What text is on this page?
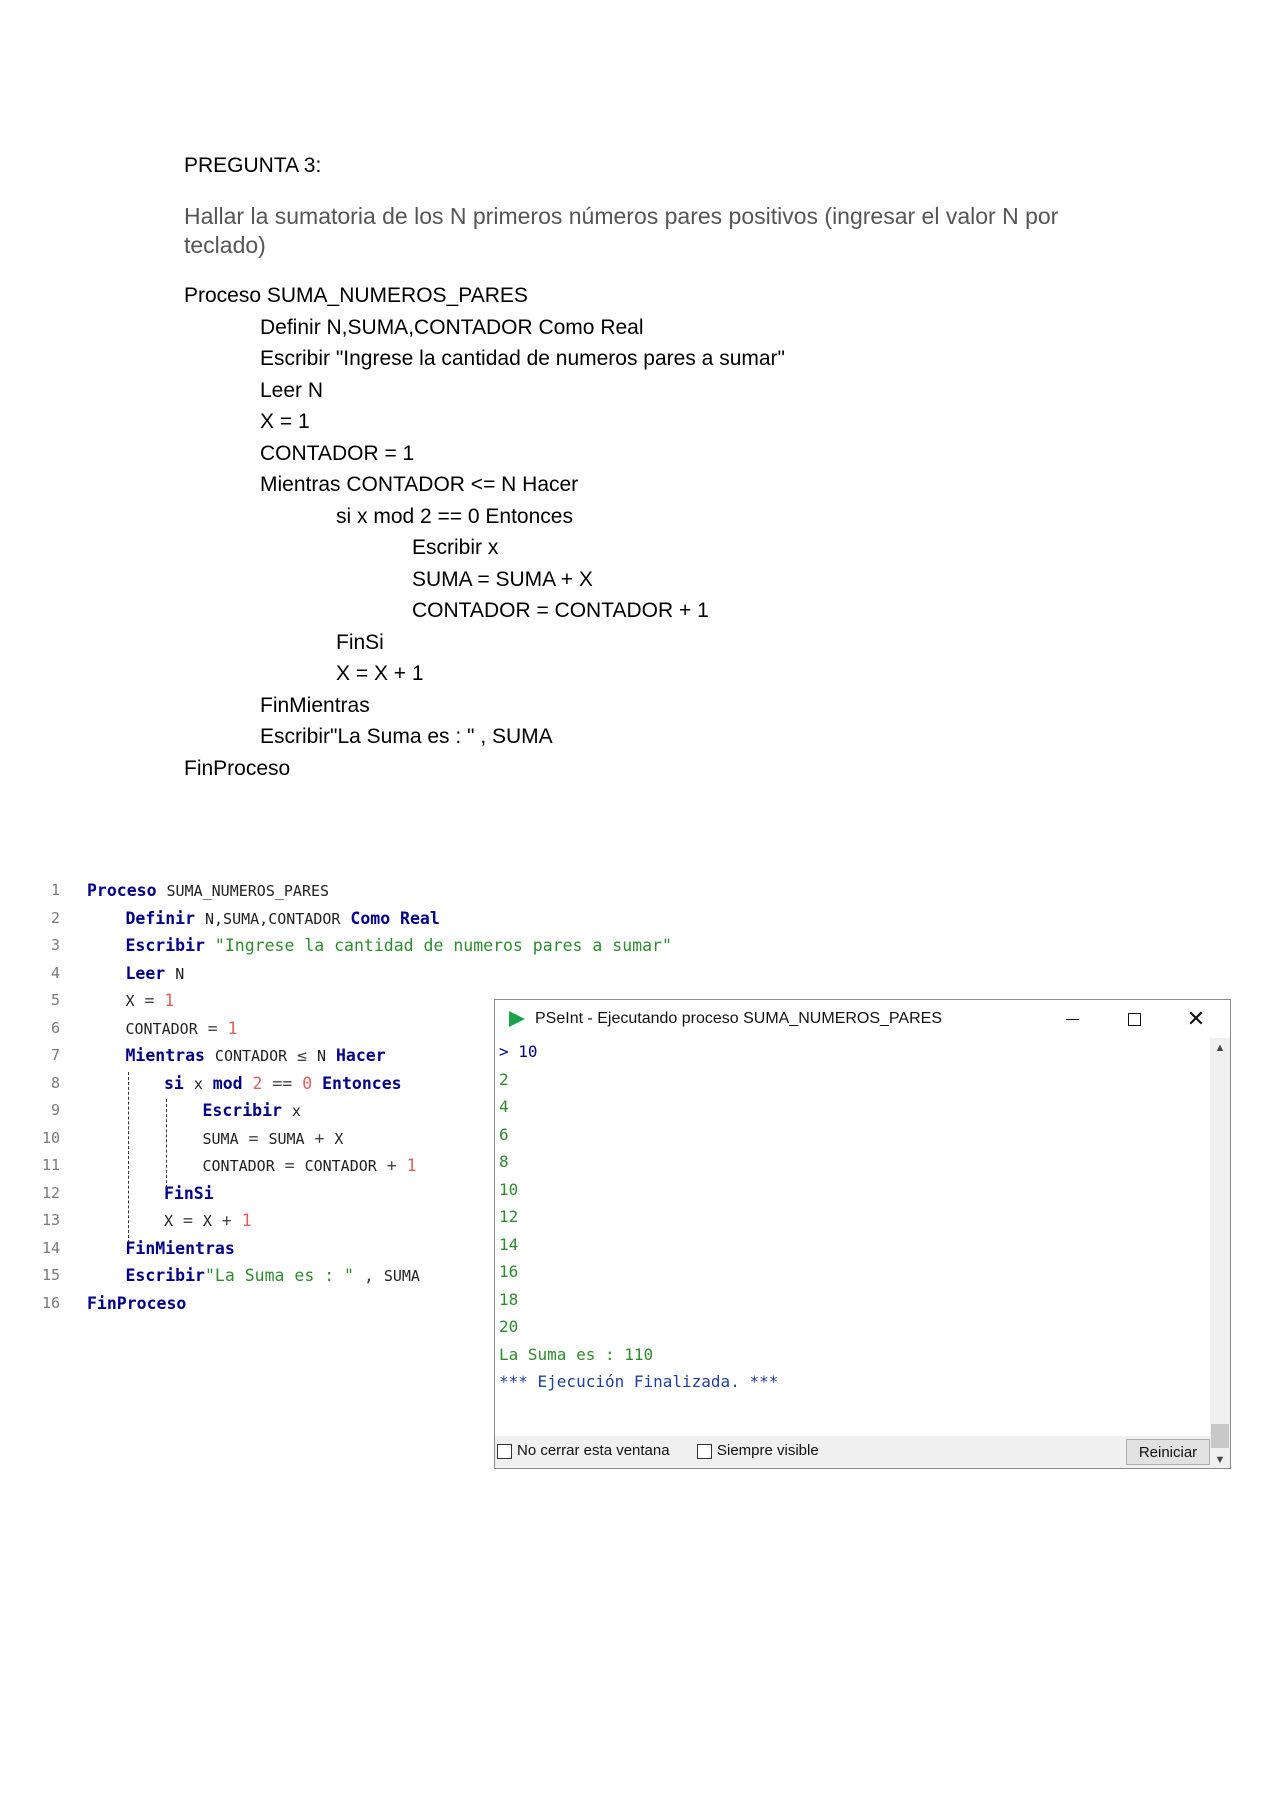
PREGUNTA 3:
Hallar la sumatoria de los N primeros números pares positivos (ingresar el valor N por teclado)
Proceso SUMA_NUMEROS_PARES
Definir N,SUMA,CONTADOR Como Real
Escribir "Ingrese la cantidad de numeros pares a sumar"
Leer N
X = 1
CONTADOR = 1
Mientras CONTADOR <= N Hacer
si x mod 2 == 0 Entonces
Escribir x
SUMA = SUMA + X
CONTADOR = CONTADOR + 1
FinSi
X = X + 1
FinMientras
Escribir"La Suma es : " , SUMA
FinProceso
1 Proceso SUMA_NUMEROS_PARES
2	Definir N,SUMA,CONTADOR Como Real
3	Escribir "Ingrese la cantidad de numeros pares a sumar"
4	Leer N
5	X = 1
6	CONTADOR = 1
7	Mientras CONTADOR ≤ N Hacer
8	si x mod 2 == 0 Entonces
9	Escribir x
10	SUMA = SUMA + X
11	CONTADOR = CONTADOR + 1
12	FinSi
13	X = X + 1
14	FinMientras
15	Escribir"La Suma es : " , SUMA
16 FinProceso
PSeInt - Ejecutando proceso SUMA_NUMEROS_PARES	✕
> 10
2
4
6
8
10
12
14
16
18
20
La Suma es : 110
*** Ejecución Finalizada. ***
▲
▼
No cerrar esta ventana	Siempre visible	Reiniciar
